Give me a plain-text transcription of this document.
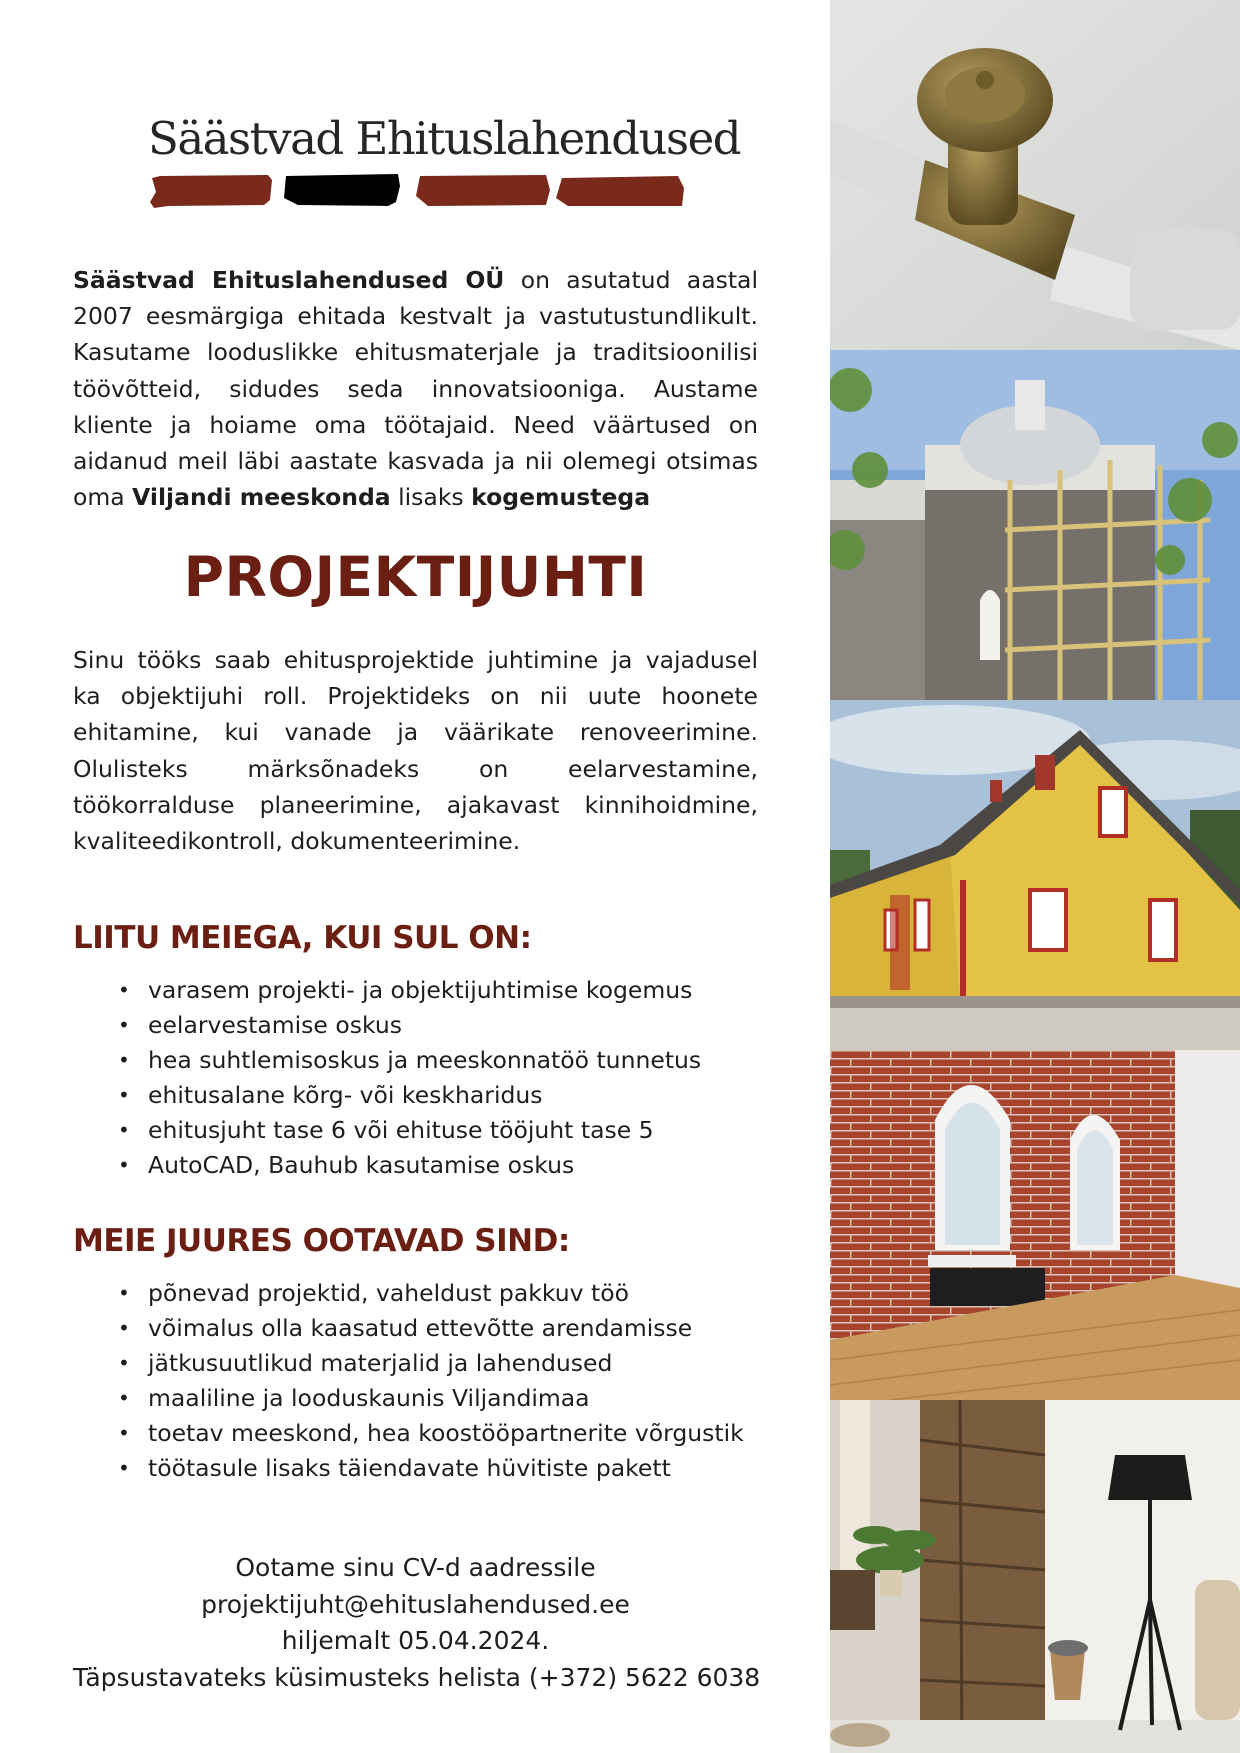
Säästvad Ehituslahendused
Säästvad Ehituslahendused OÜ on asutatud aastal 2007 eesmärgiga ehitada kestvalt ja vastutustundlikult. Kasutame looduslikke ehitusmaterjale ja traditsioonilisi töövõtteid, sidudes seda innovatsiooniga. Austame kliente ja hoiame oma töötajaid. Need väärtused on aidanud meil läbi aastate kasvada ja nii olemegi otsimas oma Viljandi meeskonda lisaks kogemustega
PROJEKTIJUHTI
Sinu tööks saab ehitusprojektide juhtimine ja vajadusel ka objektijuhi roll. Projektideks on nii uute hoonete ehitamine, kui vanade ja väärikate renoveerimine. Olulisteks märksõnadeks on eelarvestamine, töökorralduse planeerimine, ajakavast kinnihoidmine, kvaliteedikontroll, dokumenteerimine.
LIITU MEIEGA, KUI SUL ON:
• varasem projekti- ja objektijuhtimise kogemus
• eelarvestamise oskus
• hea suhtlemisoskus ja meeskonnatöö tunnetus
• ehitusalane kõrg- või keskharidus
• ehitusjuht tase 6 või ehituse tööjuht tase 5
• AutoCAD, Bauhub kasutamise oskus
MEIE JUURES OOTAVAD SIND:
• põnevad projektid, vaheldust pakkuv töö
• võimalus olla kaasatud ettevõtte arendamisse
• jätkusuutlikud materjalid ja lahendused
• maaliline ja looduskaunis Viljandimaa
• toetav meeskond, hea koostööpartnerite võrgustik
• töötasule lisaks täiendavate hüvitiste pakett
Ootame sinu CV-d aadressile
projektijuht@ehituslahendused.ee
hiljemalt 05.04.2024.
Täpsustavateks küsimusteks helista (+372) 5622 6038
